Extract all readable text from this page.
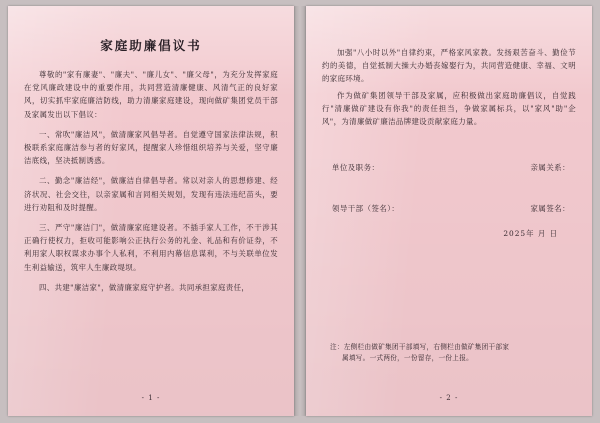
家庭助廉倡议书

尊敬的"家有廉妻"、"廉夫"、"廉儿女"、"廉父母"，为充分发挥家庭在党风廉政建设中的重要作用，共同营造清廉健康、风清气正的良好家风，切实抓牢家庭廉洁防线，助力清廉家庭建设，现向做矿集团党员干部及家属发出以下倡议：

一、常吹"廉洁风"，做清廉家风倡导者。自觉遵守国家法律法规，积极联系家庭廉洁参与者的好家风，提醒家人珍惜组织培养与关爱，坚守廉洁底线，坚决抵制诱惑。

二、勤念"廉洁经"，做廉洁自律倡导者。常以对亲人的思想修建、经济状况、社会交往，以亲家属和言同相关规划，发现有违法违纪苗头，要进行劝阻和及时提醒。

三、严守"廉洁门"，做清廉家庭建设者。不插手家人工作，不干涉其正确行使权力，拒收可能影响公正执行公务的礼金、礼品和有价证券，不利用家人职权谋求办事个人私利，不利用内幕信息谋利，不与关联单位发生利益输送，筑牢人生廉政堤坝。

四、共建"廉洁家"，做清廉家庭守护者。共同承担家庭责任，

- 1 -

加强"八小时以外"自律约束，严格家风家教。发扬艰苦奋斗、勤俭节约的美德，自觉抵制大操大办婚丧嫁娶行为，共同营造健康、幸福、文明的家庭环境。

作为做矿集团领导干部及家属，应积极做出家庭助廉倡议，自觉践行"清廉做矿建设有你我"的责任担当，争做家属标兵，以"家风"助"企风"，为清廉做矿廉洁品牌建设贡献家庭力量。

单位及职务：	亲属关系：
领导干部（签名）：	家属签名：
2025年 月 日
注：左侧栏由做矿集团干部填写，右侧栏由做矿集团干部家
属填写。一式两份，一份留存，一份上报。
- 2 -
